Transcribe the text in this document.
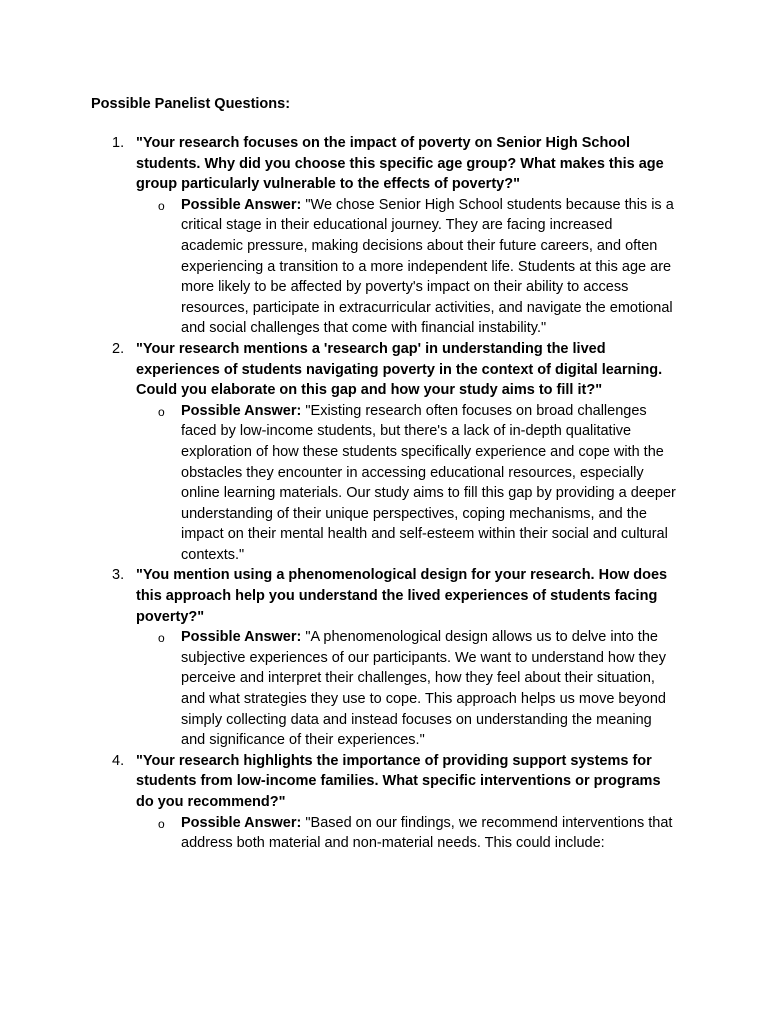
Possible Panelist Questions:

1. "Your research focuses on the impact of poverty on Senior High School students. Why did you choose this specific age group? What makes this age group particularly vulnerable to the effects of poverty?"

o Possible Answer: "We chose Senior High School students because this is a critical stage in their educational journey. They are facing increased academic pressure, making decisions about their future careers, and often experiencing a transition to a more independent life. Students at this age are more likely to be affected by poverty's impact on their ability to access resources, participate in extracurricular activities, and navigate the emotional and social challenges that come with financial instability."

2. "Your research mentions a 'research gap' in understanding the lived experiences of students navigating poverty in the context of digital learning. Could you elaborate on this gap and how your study aims to fill it?"

o Possible Answer: "Existing research often focuses on broad challenges faced by low-income students, but there's a lack of in-depth qualitative exploration of how these students specifically experience and cope with the obstacles they encounter in accessing educational resources, especially online learning materials. Our study aims to fill this gap by providing a deeper understanding of their unique perspectives, coping mechanisms, and the impact on their mental health and self-esteem within their social and cultural contexts."

3. "You mention using a phenomenological design for your research. How does this approach help you understand the lived experiences of students facing poverty?"

o Possible Answer: "A phenomenological design allows us to delve into the subjective experiences of our participants. We want to understand how they perceive and interpret their challenges, how they feel about their situation, and what strategies they use to cope. This approach helps us move beyond simply collecting data and instead focuses on understanding the meaning and significance of their experiences."

4. "Your research highlights the importance of providing support systems for students from low-income families. What specific interventions or programs do you recommend?"

o Possible Answer: "Based on our findings, we recommend interventions that address both material and non-material needs. This could include:
